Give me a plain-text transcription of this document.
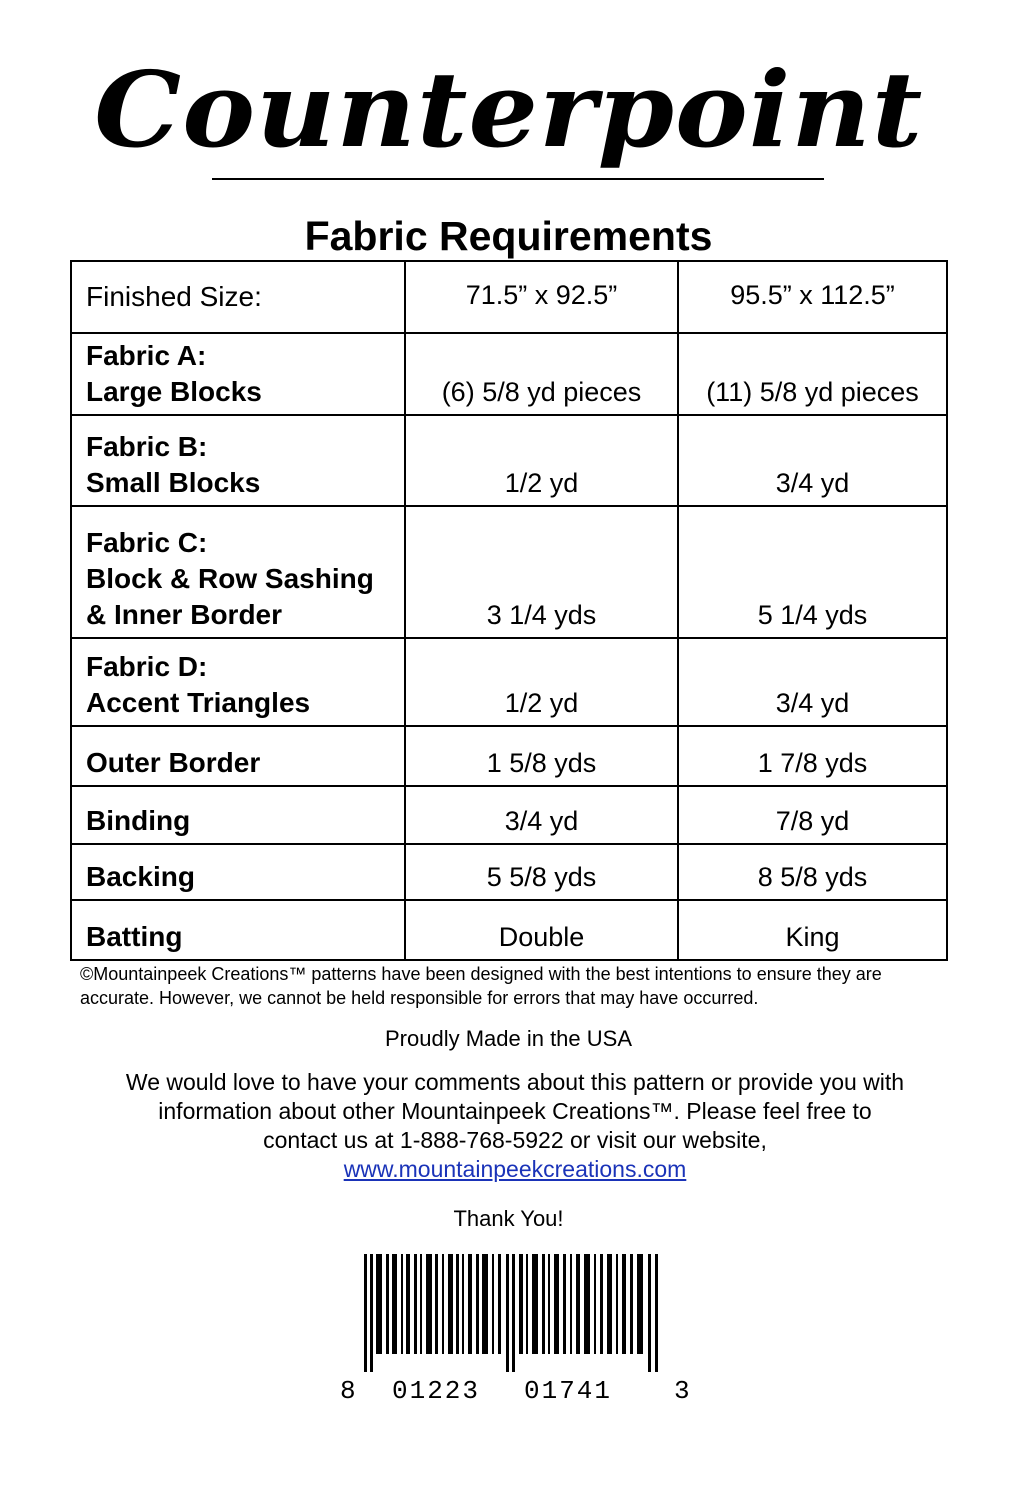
Counterpoint
Fabric Requirements
Finished Size:	71.5” x 92.5”	95.5” x 112.5”

Fabric A:
Large Blocks	(6) 5/8 yd pieces	(11) 5/8 yd pieces

Fabric B:
Small Blocks	1/2 yd	3/4 yd

Fabric C:
Block & Row Sashing
& Inner Border	3 1/4 yds	5 1/4 yds

Fabric D:
Accent Triangles	1/2 yd	3/4 yd

Outer Border	1 5/8 yds	1 7/8 yds

Binding	3/4 yd	7/8 yd

Backing	5 5/8 yds	8 5/8 yds

Batting	Double	King
©Mountainpeek Creations™ patterns have been designed with the best intentions to ensure they are accurate. However, we cannot be held responsible for errors that may have occurred.
Proudly Made in the USA
We would love to have your comments about this pattern or provide you with
information about other Mountainpeek Creations™. Please feel free to
contact us at 1-888-768-5922 or visit our website,
www.mountainpeekcreations.com
Thank You!
8 01223 01741 3
